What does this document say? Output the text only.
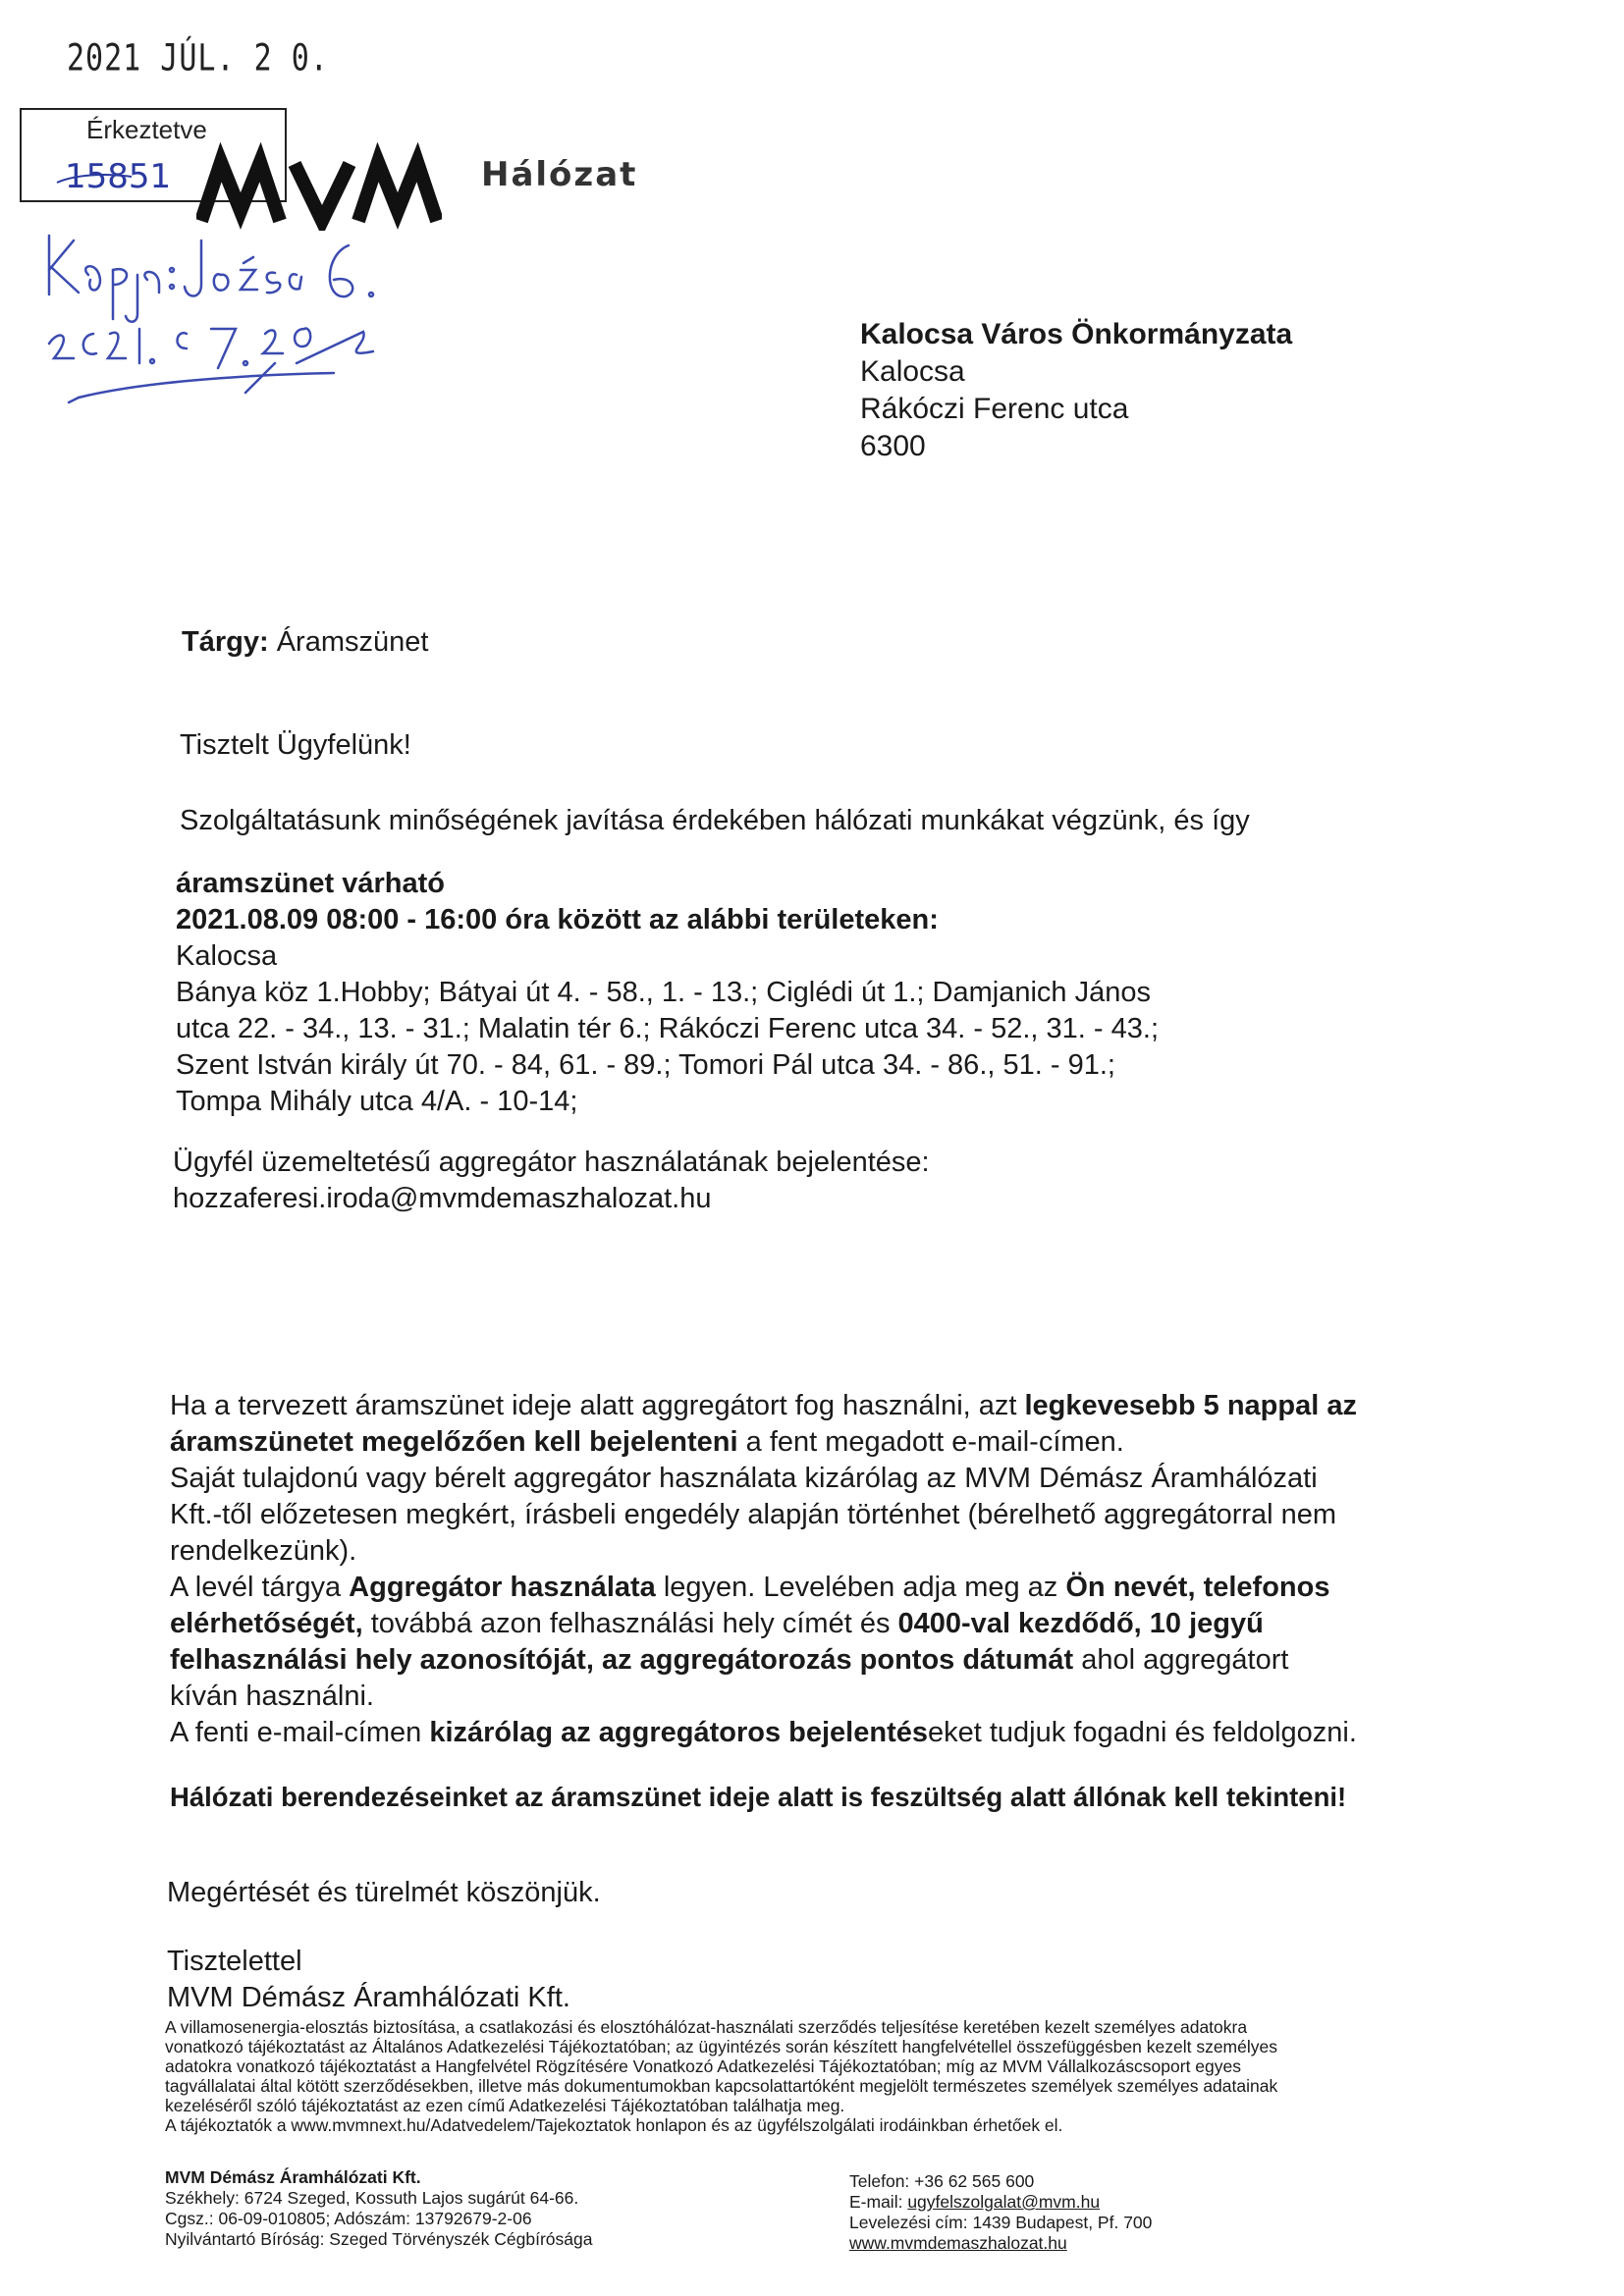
2021 JÚL. 2 0.
Érkeztetve
15851	Hálózat
Kalocsa Város Önkormányzata
Kalocsa
Rákóczi Ferenc utca
6300
Tárgy: Áramszünet
Tisztelt Ügyfelünk!
Szolgáltatásunk minőségének javítása érdekében hálózati munkákat végzünk, és így
áramszünet várható
2021.08.09 08:00 - 16:00 óra között az alábbi területeken:
Kalocsa
Bánya köz 1.Hobby; Bátyai út 4. - 58., 1. - 13.; Ciglédi út 1.; Damjanich János
utca 22. - 34., 13. - 31.; Malatin tér 6.; Rákóczi Ferenc utca 34. - 52., 31. - 43.;
Szent István király út 70. - 84, 61. - 89.; Tomori Pál utca 34. - 86., 51. - 91.;
Tompa Mihály utca 4/A. - 10-14;
Ügyfél üzemeltetésű aggregátor használatának bejelentése:
hozzaferesi.iroda@mvmdemaszhalozat.hu
Ha a tervezett áramszünet ideje alatt aggregátort fog használni, azt legkevesebb 5 nappal az
áramszünetet megelőzően kell bejelenteni a fent megadott e-mail-címen.
Saját tulajdonú vagy bérelt aggregátor használata kizárólag az MVM Démász Áramhálózati
Kft.-től előzetesen megkért, írásbeli engedély alapján történhet (bérelhető aggregátorral nem
rendelkezünk).
A levél tárgya Aggregátor használata legyen. Levelében adja meg az Ön nevét, telefonos
elérhetőségét, továbbá azon felhasználási hely címét és 0400-val kezdődő, 10 jegyű
felhasználási hely azonosítóját, az aggregátorozás pontos dátumát ahol aggregátort
kíván használni.
A fenti e-mail-címen kizárólag az aggregátoros bejelentéseket tudjuk fogadni és feldolgozni.
Hálózati berendezéseinket az áramszünet ideje alatt is feszültség alatt állónak kell tekinteni!
Megértését és türelmét köszönjük.
Tisztelettel
MVM Démász Áramhálózati Kft.
A villamosenergia-elosztás biztosítása, a csatlakozási és elosztóhálózat-használati szerződés teljesítése keretében kezelt személyes adatokra
vonatkozó tájékoztatást az Általános Adatkezelési Tájékoztatóban; az ügyintézés során készített hangfelvétellel összefüggésben kezelt személyes
adatokra vonatkozó tájékoztatást a Hangfelvétel Rögzítésére Vonatkozó Adatkezelési Tájékoztatóban; míg az MVM Vállalkozáscsoport egyes
tagvállalatai által kötött szerződésekben, illetve más dokumentumokban kapcsolattartóként megjelölt természetes személyek személyes adatainak
kezeléséről szóló tájékoztatást az ezen című Adatkezelési Tájékoztatóban találhatja meg.
A tájékoztatók a www.mvmnext.hu/Adatvedelem/Tajekoztatok honlapon és az ügyfélszolgálati irodáinkban érhetőek el.
MVM Démász Áramhálózati Kft.
Székhely: 6724 Szeged, Kossuth Lajos sugárút 64-66.
Cgsz.: 06-09-010805; Adószám: 13792679-2-06
Nyilvántartó Bíróság: Szeged Törvényszék Cégbírósága
Telefon: +36 62 565 600
E-mail: ugyfelszolgalat@mvm.hu
Levelezési cím: 1439 Budapest, Pf. 700
www.mvmdemaszhalozat.hu
